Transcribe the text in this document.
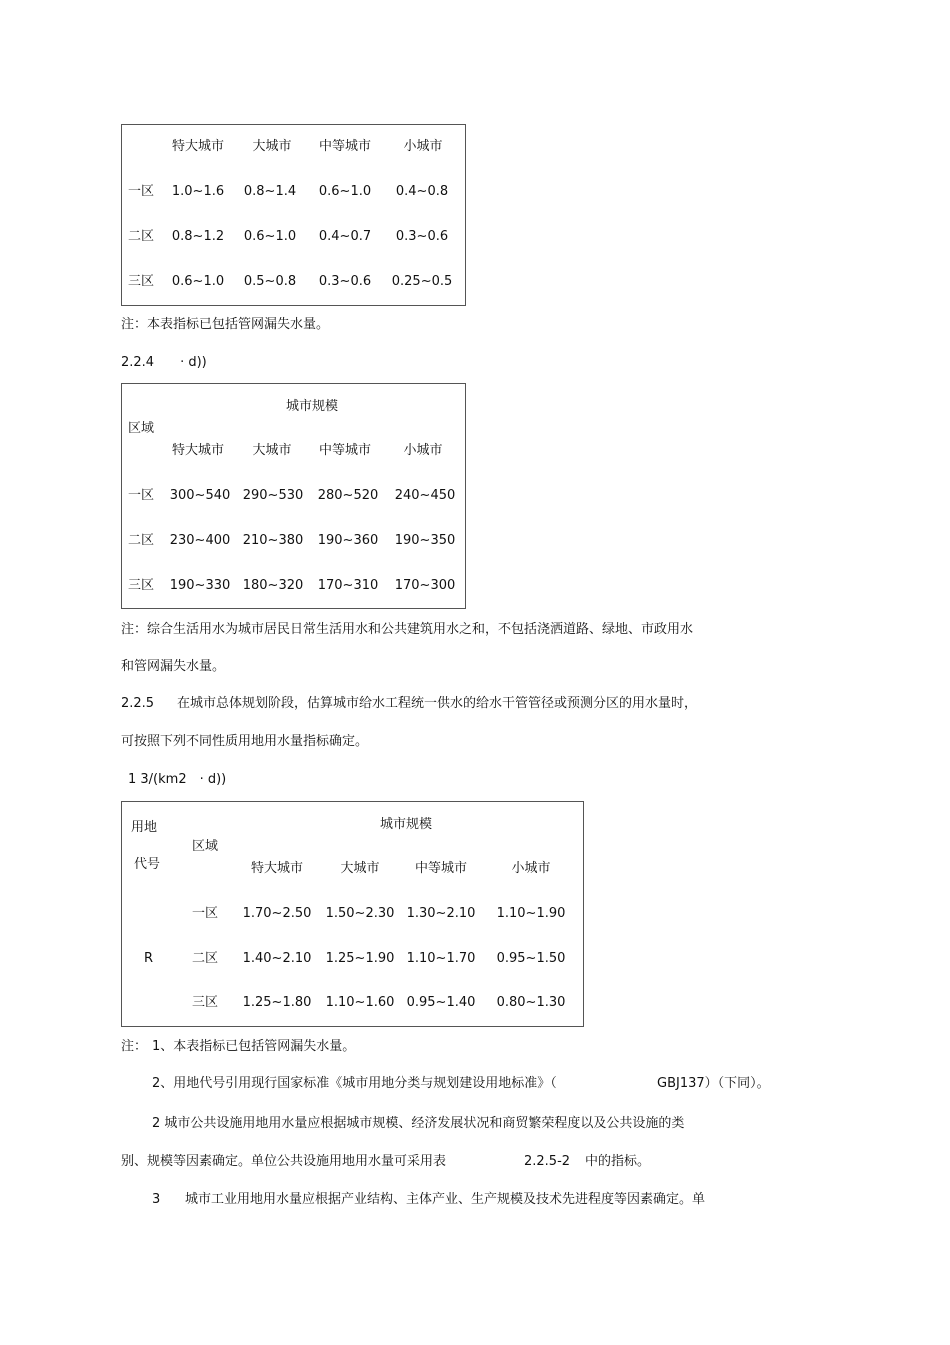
特大城市 大城市 中等城市 小城市
一区 1.0~1.6 0.8~1.4 0.6~1.0 0.4~0.8
二区 0.8~1.2 0.6~1.0 0.4~0.7 0.3~0.6
三区 0.6~1.0 0.5~0.8 0.3~0.6 0.25~0.5
注：本表指标已包括管网漏失水量。
2.2.4　　· d))
城市规模
区域
特大城市 大城市 中等城市 小城市
一区 300~540 290~530 280~520 240~450
二区 230~400 210~380 190~360 190~350
三区 190~330 180~320 170~310 170~300
注：综合生活用水为城市居民日常生活用水和公共建筑用水之和，不包括浇洒道路、绿地、市政用水
和管网漏失水量。
2.2.5 在城市总体规划阶段，估算城市给水工程统一供水的给水干管管径或预测分区的用水量时，
可按照下列不同性质用地用水量指标确定。
1 3/(km2　· d))
用地
代号
城市规模
区域
特大城市	大城市	中等城市	小城市
R
一区 1.70~2.50 1.50~2.30 1.30~2.10 1.10~1.90
二区 1.40~2.10 1.25~1.90 1.10~1.70 0.95~1.50
三区 1.25~1.80 1.10~1.60 0.95~1.40 0.80~1.30
注： 1、本表指标已包括管网漏失水量。
2、用地代号引用现行国家标准《城市用地分类与规划建设用地标准》（	GBJ137）（下同）。
2 城市公共设施用地用水量应根据城市规模、经济发展状况和商贸繁荣程度以及公共设施的类
别、规模等因素确定。单位公共设施用地用水量可采用表	2.2.5-2 中的指标。
3 城市工业用地用水量应根据产业结构、主体产业、生产规模及技术先进程度等因素确定。单
